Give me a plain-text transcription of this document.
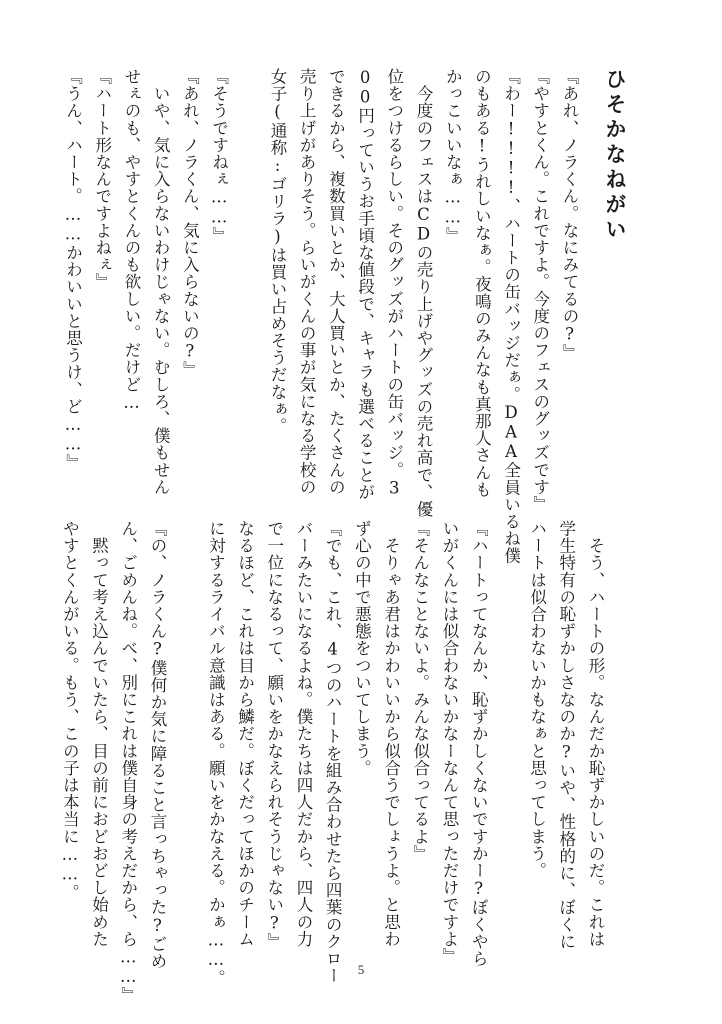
ひそかなねがい

『あれ、ノラくん。なにみてるの?』
『やすとくん。これですよ。今度のフェスのグッズです』
『わー!!!!、ハートの缶バッジだぁ。DAA全員いるね僕
のもある!うれしいなぁ。夜鳴のみんなも真那人さんも
かっこいいなぁ……』
　今度のフェスはCDの売り上げやグッズの売れ高で、優
位をつけるらしい。そのグッズがハートの缶バッジ。3
00円っていうお手頃な値段で、キャラも選べることが
できるから、複数買いとか、大人買いとか、たくさんの
売り上げがありそう。らいがくんの事が気になる学校の
女子(通称:ゴリラ)は買い占めそうだなぁ。

『そうですねぇ……』
『あれ、ノラくん、気に入らないの?』
　いや、気に入らないわけじゃない。むしろ、僕もせん
せぇのも、やすとくんのも欲しい。だけど…
『ハート形なんですよねぇ』
『うん、ハート。……かわいいと思うけ、ど……』

　そう、ハートの形。なんだか恥ずかしいのだ。これは
学生特有の恥ずかしさなのか?いや、性格的に、ぼくに
ハートは似合わないかもなぁと思ってしまう。

『ハートってなんか、恥ずかしくないですかー?ぼくやら
いがくんには似合わないかなーなんて思っただけですよ』
『そんなことないよ。みんな似合ってるよ』
　そりゃあ君はかわいいから似合うでしょうよ。と思わ
ず心の中で悪態をついてしまう。
『でも、これ、4つのハートを組み合わせたら四葉のクロー
バーみたいになるよね。僕たちは四人だから、四人の力
で一位になるって、願いをかなえられそうじゃない?』
なるほど、これは目から鱗だ。ぼくだってほかのチーム
に対するライバル意識はある。願いをかなえる。かぁ……。

『の、ノラくん?僕何か気に障ること言っちゃった?ごめ
ん、ごめんね。べ、別にこれは僕自身の考えだから、ら……』
　黙って考え込んでいたら、目の前におどおどし始めた
やすとくんがいる。もう、この子は本当に……。

5
